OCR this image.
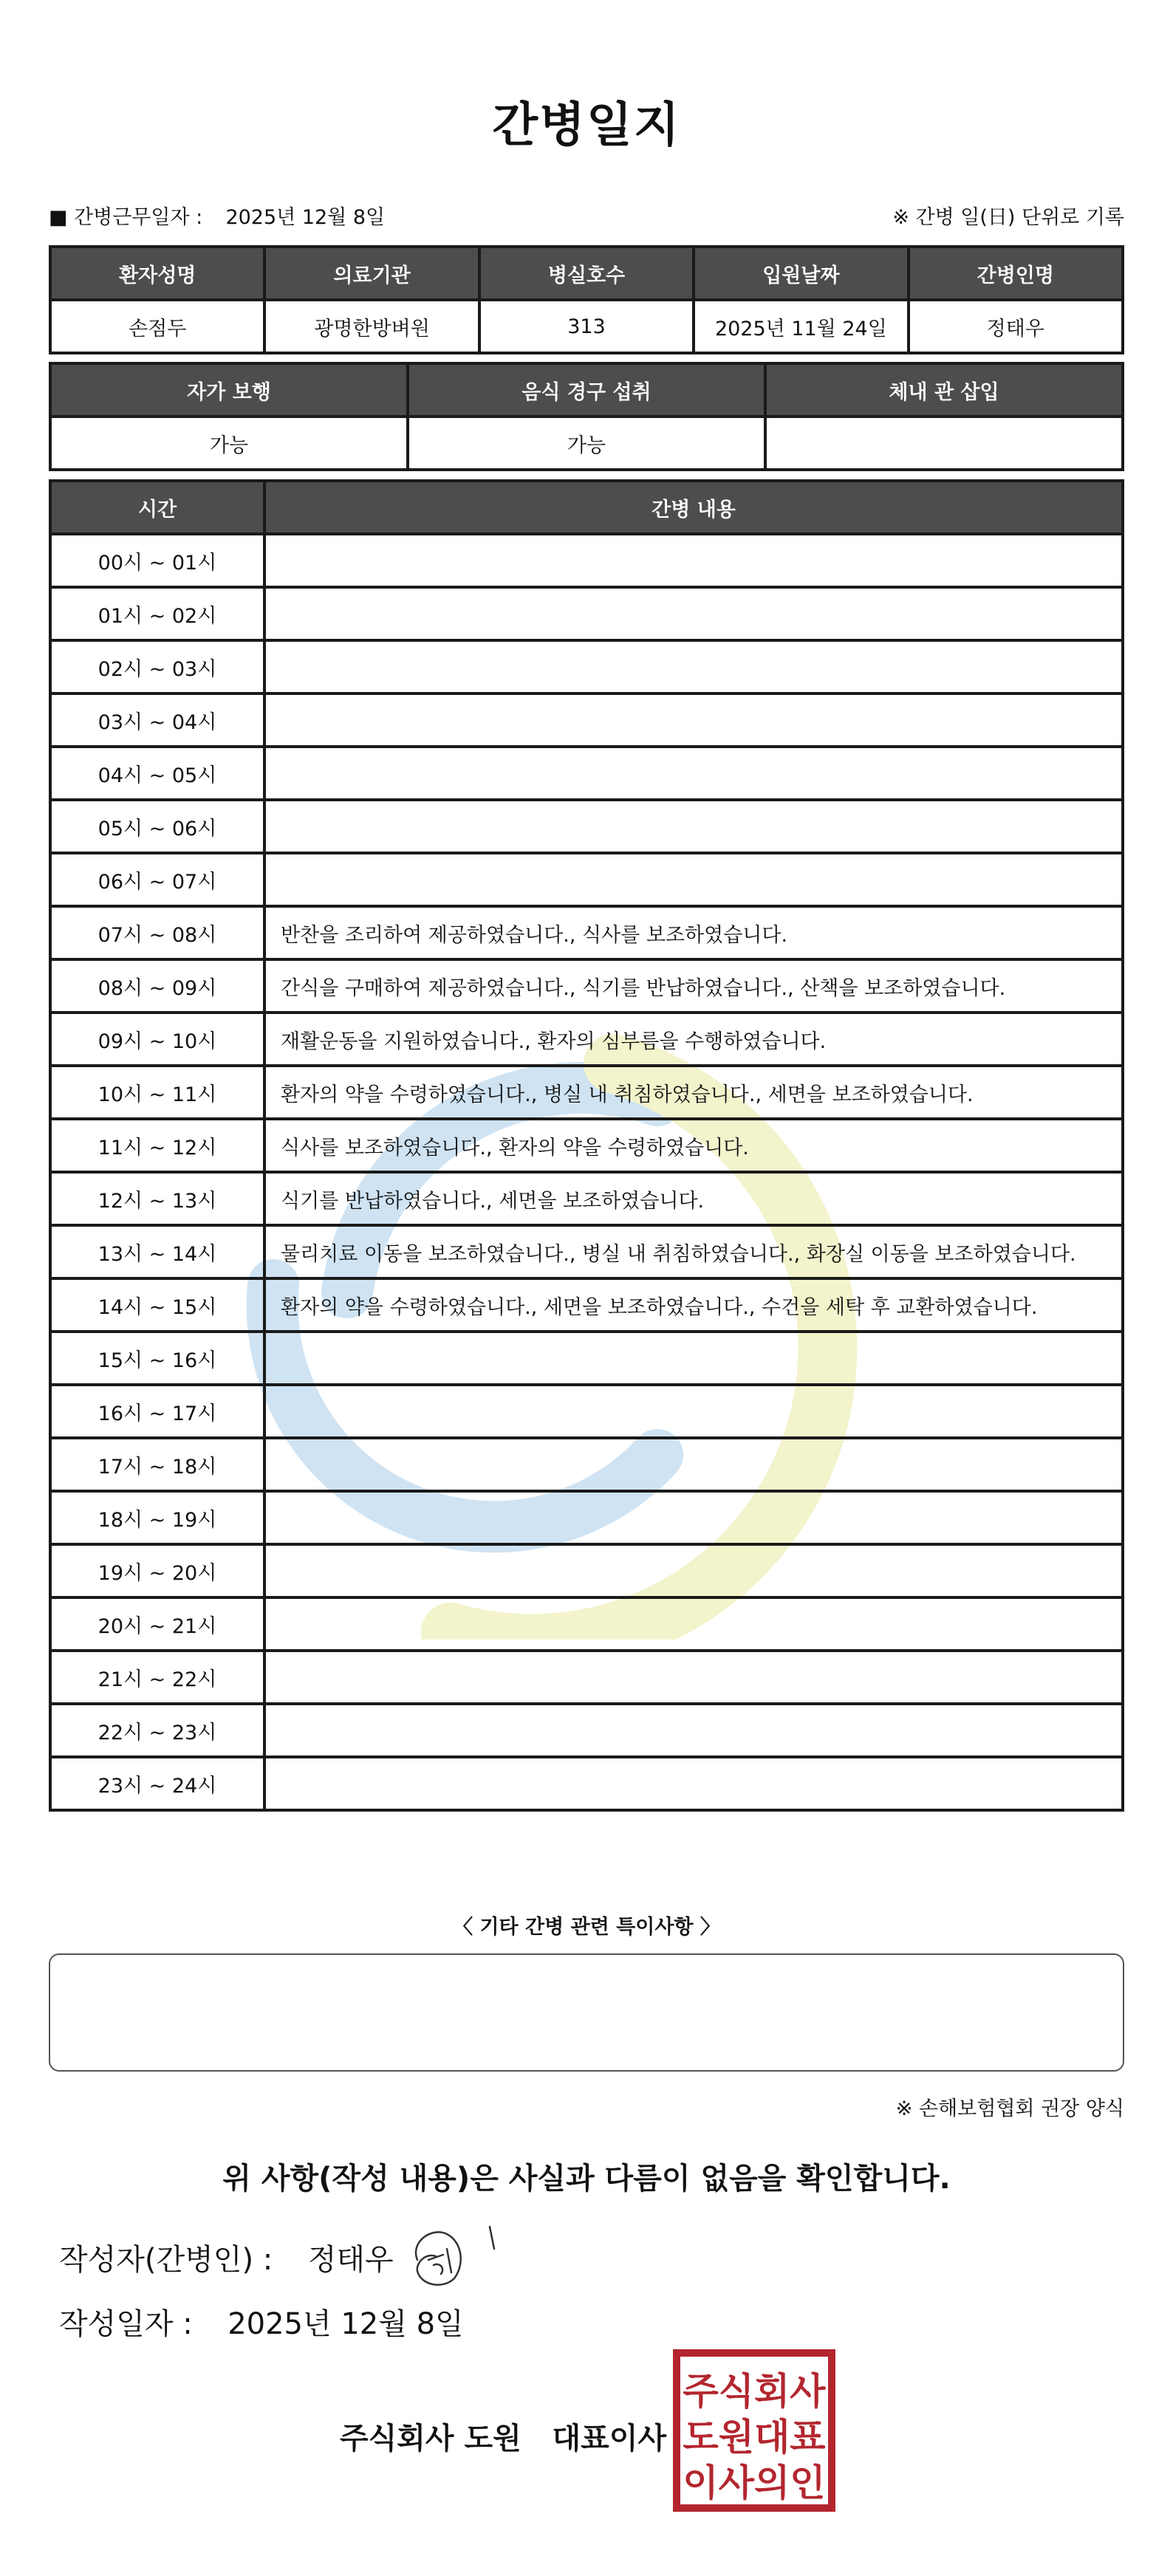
간병일지
■ 간병근무일자 : 2025년 12월 8일	※ 간병 일(日) 단위로 기록
환자성명	의료기관	병실호수	입원날짜	간병인명
손점두	광명한방벼원	313	2025년 11월 24일	정태우
자가 보행	음식 경구 섭취	체내 관 삽입
가능	가능	
시간	간병 내용
00시 ~ 01시	
01시 ~ 02시	
02시 ~ 03시	
03시 ~ 04시	
04시 ~ 05시	
05시 ~ 06시	
06시 ~ 07시	
07시 ~ 08시	반찬을 조리하여 제공하였습니다., 식사를 보조하였습니다.
08시 ~ 09시	간식을 구매하여 제공하였습니다., 식기를 반납하였습니다., 산책을 보조하였습니다.
09시 ~ 10시	재활운동을 지원하였습니다., 환자의 심부름을 수행하였습니다.
10시 ~ 11시	환자의 약을 수령하였습니다., 병실 내 취침하였습니다., 세면을 보조하였습니다.
11시 ~ 12시	식사를 보조하였습니다., 환자의 약을 수령하였습니다.
12시 ~ 13시	식기를 반납하였습니다., 세면을 보조하였습니다.
13시 ~ 14시	물리치료 이동을 보조하였습니다., 병실 내 취침하였습니다., 화장실 이동을 보조하였습니다.
14시 ~ 15시	환자의 약을 수령하였습니다., 세면을 보조하였습니다., 수건을 세탁 후 교환하였습니다.
15시 ~ 16시	
16시 ~ 17시	
17시 ~ 18시	
18시 ~ 19시	
19시 ~ 20시	
20시 ~ 21시	
21시 ~ 22시	
22시 ~ 23시	
23시 ~ 24시	
〈 기타 간병 관련 특이사항 〉
※ 손해보험협회 권장 양식
위 사항(작성 내용)은 사실과 다름이 없음을 확인합니다.
작성자(간병인) : 정태우
작성일자 : 2025년 12월 8일
주식회사 도원   대표이사
주식회사
도원대표
이사의인
